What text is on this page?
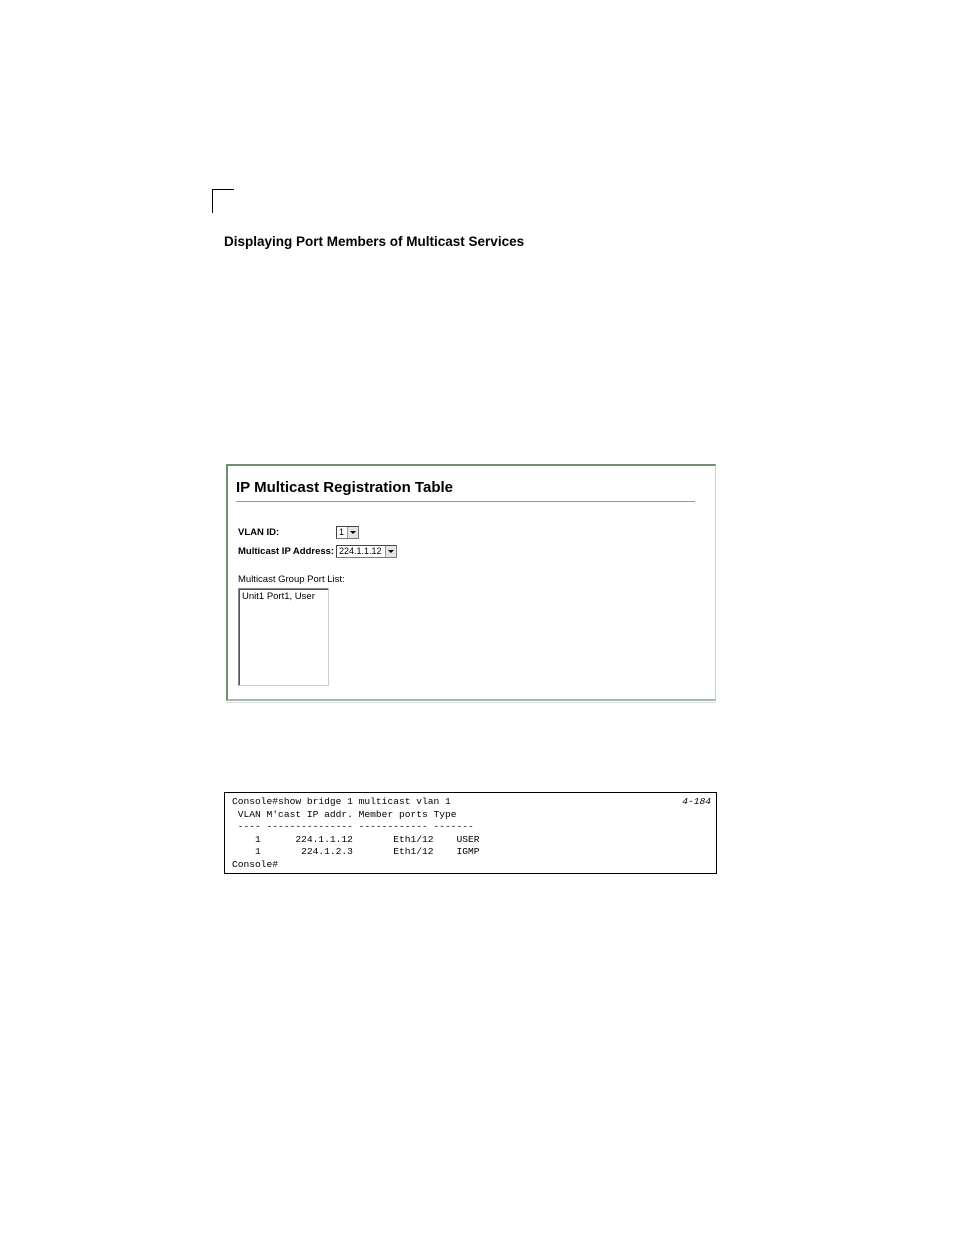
Displaying Port Members of Multicast Services
IP Multicast Registration Table
VLAN ID:	1
Multicast IP Address: 224.1.1.12
Multicast Group Port List:
Unit1 Port1, User
Console#show bridge 1 multicast vlan 1
VLAN M'cast IP addr. Member ports Type
---- --------------- ------------ -------
1      224.1.1.12       Eth1/12    USER
1       224.1.2.3       Eth1/12    IGMP
Console#
4-184
